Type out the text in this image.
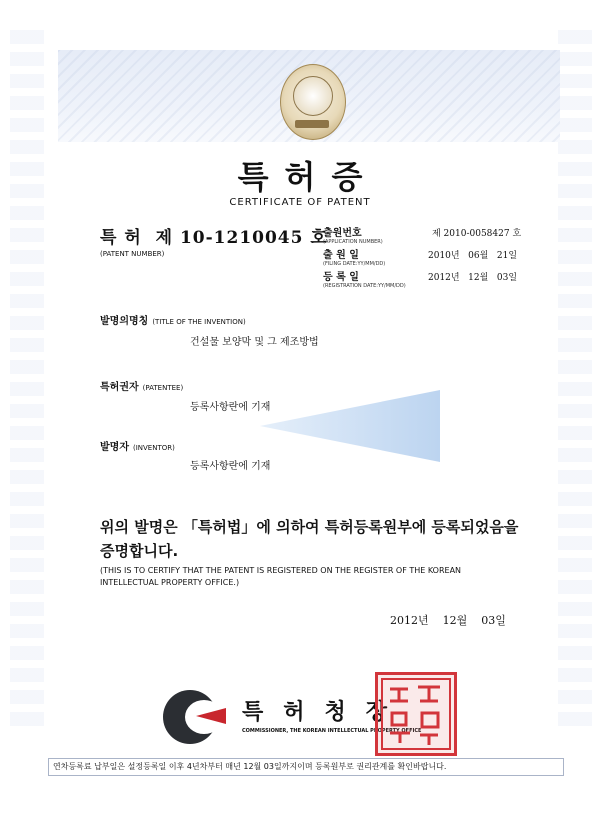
특허증
CERTIFICATE OF PATENT
특 허  제 10-1210045 호
(PATENT NUMBER)
출원번호
(APPLICATION NUMBER)
제 2010-0058427 호
출 원 일
(FILING DATE:YY/MM/DD)
2010년   06월   21일
등 록 일
(REGISTRATION DATE:YY/MM/DD)
2012년   12월   03일
발명의명칭 (TITLE OF THE INVENTION)
건설물 보양막 및 그 제조방법
특허권자 (PATENTEE)
등록사항란에 기재
발명자 (INVENTOR)
등록사항란에 기재
위의 발명은 「특허법」에 의하여 특허등록원부에 등록되었음을 증명합니다.
(THIS IS TO CERTIFY THAT THE PATENT IS REGISTERED ON THE REGISTER OF THE KOREAN INTELLECTUAL PROPERTY OFFICE.)
2012년    12월    03일
특허청장
COMMISSIONER, THE KOREAN INTELLECTUAL PROPERTY OFFICE
연차등록료 납부일은 설정등록일 이후 4년차부터 매년 12월 03일까지이며 등록원부로 권리관계를 확인바랍니다.
